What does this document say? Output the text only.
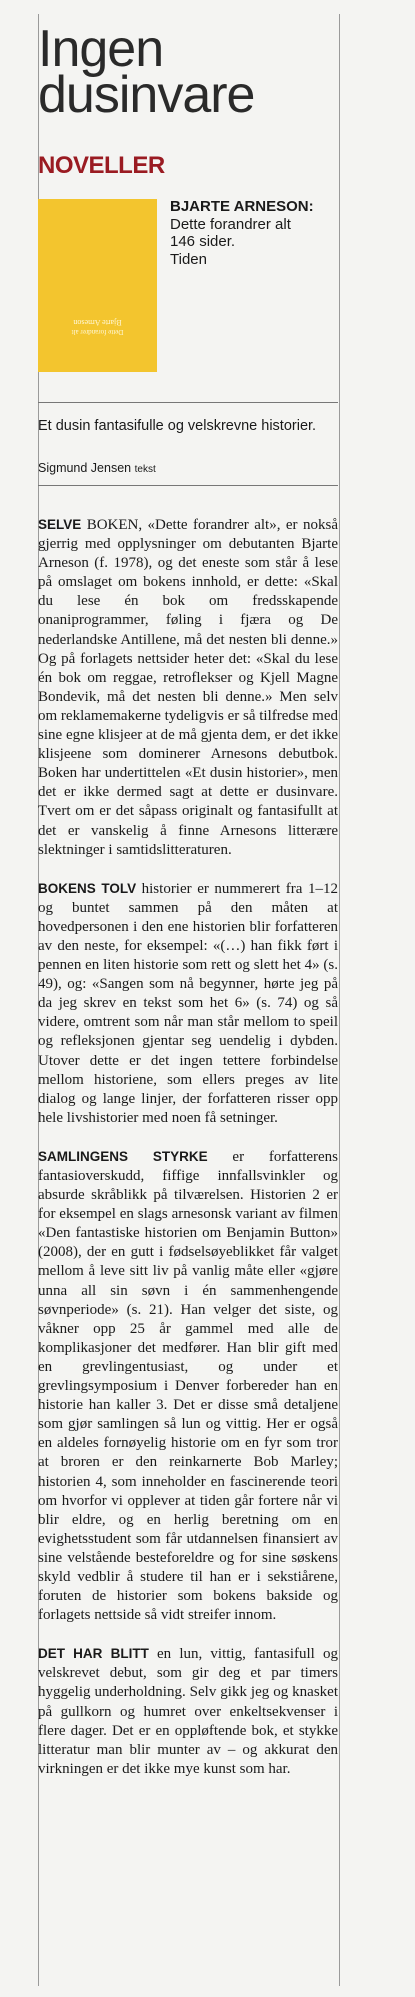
Ingen
dusinvare
NOVELLER
Bjarte Arneson
Dette forandrer alt
BJARTE ARNESON:
Dette forandrer alt
146 sider.
Tiden
Et dusin fantasifulle og velskrevne historier.
Sigmund Jensen tekst

SELVE BOKEN, «Dette forandrer alt», er nokså gjerrig med opplysninger om debutanten Bjarte Arneson (f. 1978), og det eneste som står å lese på omslaget om bokens innhold, er dette: «Skal du lese én bok om fredsskapende onaniprogrammer, føling i fjæra og De nederlandske Antillene, må det nesten bli denne.» Og på forlagets nettsider heter det: «Skal du lese én bok om reggae, retroflekser og Kjell Magne Bondevik, må det nesten bli denne.» Men selv om reklamemakerne tydeligvis er så tilfredse med sine egne klisjeer at de må gjenta dem, er det ikke klisjeene som dominerer Arnesons debutbok. Boken har undertittelen «Et dusin historier», men det er ikke dermed sagt at dette er dusinvare. Tvert om er det såpass originalt og fantasifullt at det er vanskelig å finne Arnesons litterære slektninger i samtidslitteraturen.

BOKENS TOLV historier er nummerert fra 1–12 og buntet sammen på den måten at hovedpersonen i den ene historien blir forfatteren av den neste, for eksempel: «(…) han fikk ført i pennen en liten historie som rett og slett het 4» (s. 49), og: «Sangen som nå begynner, hørte jeg på da jeg skrev en tekst som het 6» (s. 74) og så videre, omtrent som når man står mellom to speil og refleksjonen gjentar seg uendelig i dybden. Utover dette er det ingen tettere forbindelse mellom historiene, som ellers preges av lite dialog og lange linjer, der forfatteren risser opp hele livshistorier med noen få setninger.

SAMLINGENS STYRKE er forfatterens fantasioverskudd, fiffige innfallsvinkler og absurde skråblikk på tilværelsen. Historien 2 er for eksempel en slags arnesonsk variant av filmen «Den fantastiske historien om Benjamin Button» (2008), der en gutt i fødselsøyeblikket får valget mellom å leve sitt liv på vanlig måte eller «gjøre unna all sin søvn i én sammenhengende søvnperiode» (s. 21). Han velger det siste, og våkner opp 25 år gammel med alle de komplikasjoner det medfører. Han blir gift med en grevlingentusiast, og under et grevlingsymposium i Denver forbereder han en historie han kaller 3. Det er disse små detaljene som gjør samlingen så lun og vittig. Her er også en aldeles fornøyelig historie om en fyr som tror at broren er den reinkarnerte Bob Marley; historien 4, som inneholder en fascinerende teori om hvorfor vi opplever at tiden går fortere når vi blir eldre, og en herlig beretning om en evighetsstudent som får utdannelsen finansiert av sine velstående besteforeldre og for sine søskens skyld vedblir å studere til han er i sekstiårene, foruten de historier som bokens bakside og forlagets nettside så vidt streifer innom.

DET HAR BLITT en lun, vittig, fantasifull og velskrevet debut, som gir deg et par timers hyggelig underholdning. Selv gikk jeg og knasket på gullkorn og humret over enkeltsekvenser i flere dager. Det er en oppløftende bok, et stykke litteratur man blir munter av – og akkurat den virkningen er det ikke mye kunst som har.
